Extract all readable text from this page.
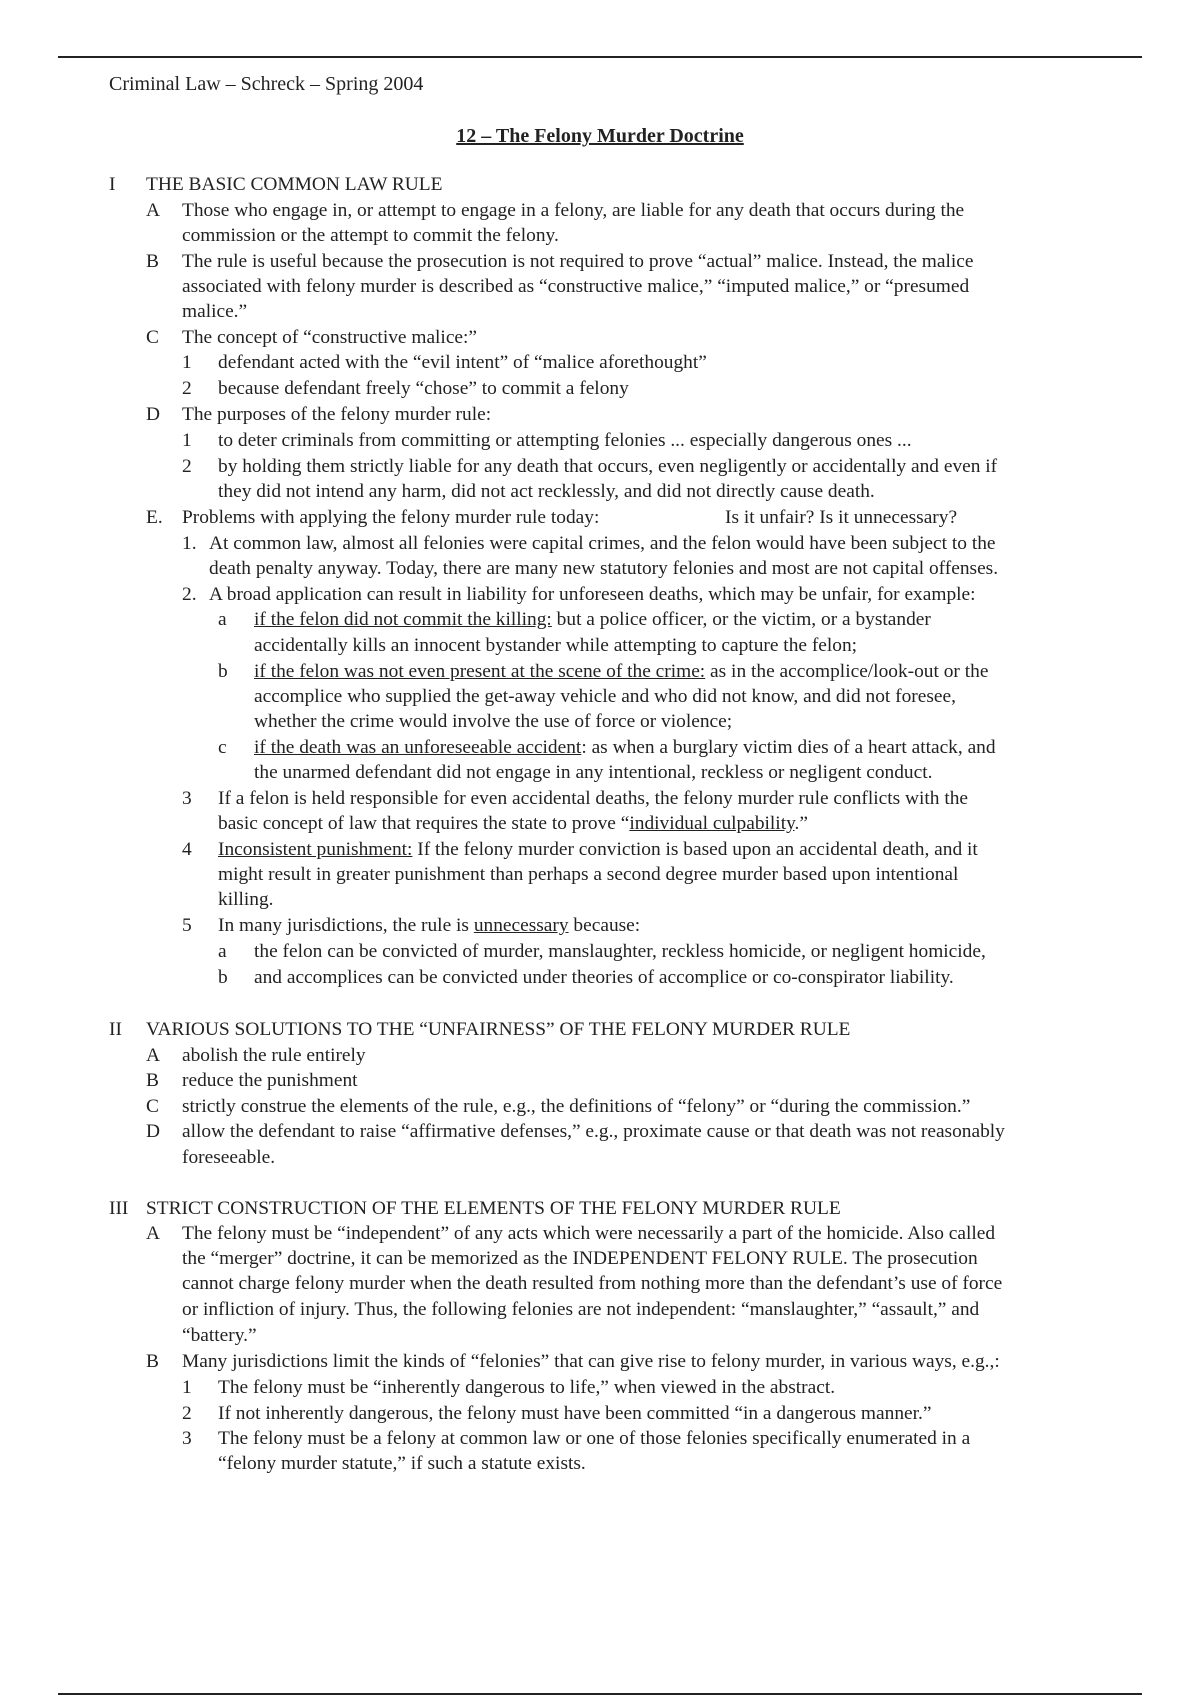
Criminal Law – Schreck – Spring 2004
12 – The Felony Murder Doctrine
I THE BASIC COMMON LAW RULE
A Those who engage in, or attempt to engage in a felony, are liable for any death that occurs during the
commission or the attempt to commit the felony.
B The rule is useful because the prosecution is not required to prove “actual” malice. Instead, the malice
associated with felony murder is described as “constructive malice,” “imputed malice,” or “presumed
malice.”
C The concept of “constructive malice:”
1 defendant acted with the “evil intent” of “malice aforethought”
2 because defendant freely “chose” to commit a felony
D The purposes of the felony murder rule:
1 to deter criminals from committing or attempting felonies ... especially dangerous ones ...
2 by holding them strictly liable for any death that occurs, even negligently or accidentally and even if
they did not intend any harm, did not act recklessly, and did not directly cause death.
E. Problems with applying the felony murder rule today:	Is it unfair? Is it unnecessary?
1. At common law, almost all felonies were capital crimes, and the felon would have been subject to the
death penalty anyway. Today, there are many new statutory felonies and most are not capital offenses.
2. A broad application can result in liability for unforeseen deaths, which may be unfair, for example:
a if the felon did not commit the killing: but a police officer, or the victim, or a bystander
accidentally kills an innocent bystander while attempting to capture the felon;
b if the felon was not even present at the scene of the crime: as in the accomplice/look-out or the
accomplice who supplied the get-away vehicle and who did not know, and did not foresee,
whether the crime would involve the use of force or violence;
c if the death was an unforeseeable accident: as when a burglary victim dies of a heart attack, and
the unarmed defendant did not engage in any intentional, reckless or negligent conduct.
3 If a felon is held responsible for even accidental deaths, the felony murder rule conflicts with the
basic concept of law that requires the state to prove “individual culpability.”
4 Inconsistent punishment: If the felony murder conviction is based upon an accidental death, and it
might result in greater punishment than perhaps a second degree murder based upon intentional
killing.
5 In many jurisdictions, the rule is unnecessary because:
a the felon can be convicted of murder, manslaughter, reckless homicide, or negligent homicide,
b and accomplices can be convicted under theories of accomplice or co-conspirator liability.
II VARIOUS SOLUTIONS TO THE “UNFAIRNESS” OF THE FELONY MURDER RULE
A abolish the rule entirely
B reduce the punishment
C strictly construe the elements of the rule, e.g., the definitions of “felony” or “during the commission.”
D allow the defendant to raise “affirmative defenses,” e.g., proximate cause or that death was not reasonably
foreseeable.
III STRICT CONSTRUCTION OF THE ELEMENTS OF THE FELONY MURDER RULE
A The felony must be “independent” of any acts which were necessarily a part of the homicide. Also called
the “merger” doctrine, it can be memorized as the INDEPENDENT FELONY RULE. The prosecution
cannot charge felony murder when the death resulted from nothing more than the defendant’s use of force
or infliction of injury. Thus, the following felonies are not independent: “manslaughter,” “assault,” and
“battery.”
B Many jurisdictions limit the kinds of “felonies” that can give rise to felony murder, in various ways, e.g.,:
1 The felony must be “inherently dangerous to life,” when viewed in the abstract.
2 If not inherently dangerous, the felony must have been committed “in a dangerous manner.”
3 The felony must be a felony at common law or one of those felonies specifically enumerated in a
“felony murder statute,” if such a statute exists.
